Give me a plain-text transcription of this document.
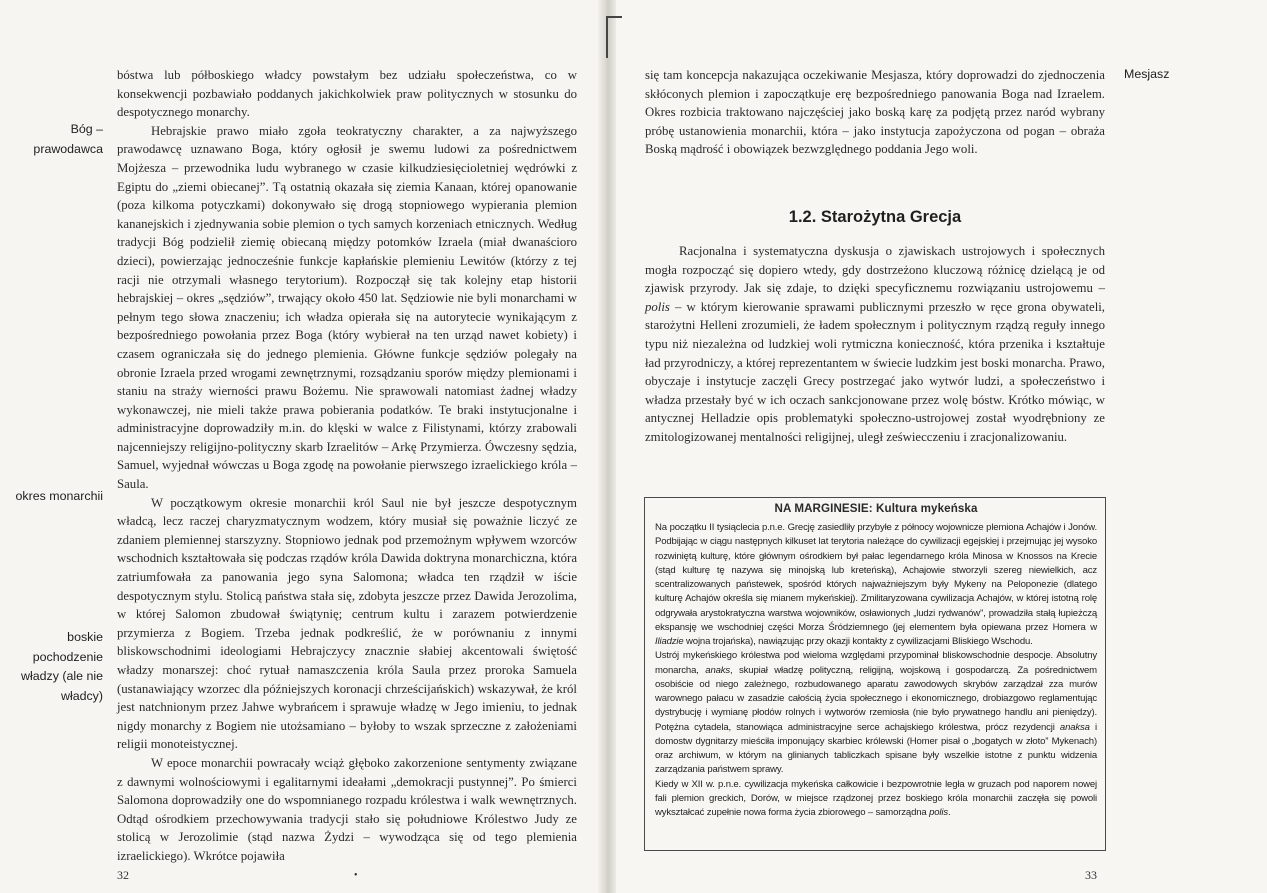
Bóg –
prawodawca
okres monarchii
boskie
pochodzenie
władzy (ale nie
władcy)

bóstwa lub półboskiego władcy powstałym bez udziału społeczeństwa, co w konsekwencji pozbawiało poddanych jakichkolwiek praw politycznych w stosunku do despotycznego monarchy.

Hebrajskie prawo miało zgoła teokratyczny charakter, a za najwyższego prawodawcę uznawano Boga, który ogłosił je swemu ludowi za pośrednictwem Mojżesza – przewodnika ludu wybranego w czasie kilkudziesięcioletniej wędrówki z Egiptu do „ziemi obiecanej”. Tą ostatnią okazała się ziemia Kanaan, której opanowanie (poza kilkoma potyczkami) dokonywało się drogą stopniowego wypierania plemion kananejskich i zjednywania sobie plemion o tych samych korzeniach etnicznych. Według tradycji Bóg podzielił ziemię obiecaną między potomków Izraela (miał dwanaścioro dzieci), powierzając jednocześnie funkcje kapłańskie plemieniu Lewitów (którzy z tej racji nie otrzymali własnego terytorium). Rozpoczął się tak kolejny etap historii hebrajskiej – okres „sędziów”, trwający około 450 lat. Sędziowie nie byli monarchami w pełnym tego słowa znaczeniu; ich władza opierała się na autorytecie wynikającym z bezpośredniego powołania przez Boga (który wybierał na ten urząd nawet kobiety) i czasem ograniczała się do jednego plemienia. Główne funkcje sędziów polegały na obronie Izraela przed wrogami zewnętrznymi, rozsądzaniu sporów między plemionami i staniu na straży wierności prawu Bożemu. Nie sprawowali natomiast żadnej władzy wykonawczej, nie mieli także prawa pobierania podatków. Te braki instytucjonalne i administracyjne doprowadziły m.in. do klęski w walce z Filistynami, którzy zrabowali najcenniejszy religijno-polityczny skarb Izraelitów – Arkę Przymierza. Ówczesny sędzia, Samuel, wyjednał wówczas u Boga zgodę na powołanie pierwszego izraelickiego króla – Saula.

W początkowym okresie monarchii król Saul nie był jeszcze despotycznym władcą, lecz raczej charyzmatycznym wodzem, który musiał się poważnie liczyć ze zdaniem plemiennej starszyzny. Stopniowo jednak pod przemożnym wpływem wzorców wschodnich kształtowała się podczas rządów króla Dawida doktryna monarchiczna, która zatriumfowała za panowania jego syna Salomona; władca ten rządził w iście despotycznym stylu. Stolicą państwa stała się, zdobyta jeszcze przez Dawida Jerozolima, w której Salomon zbudował świątynię; centrum kultu i zarazem potwierdzenie przymierza z Bogiem. Trzeba jednak podkreślić, że w porównaniu z innymi bliskowschodnimi ideologiami Hebrajczycy znacznie słabiej akcentowali świętość władzy monarszej: choć rytuał namaszczenia króla Saula przez proroka Samuela (ustanawiający wzorzec dla późniejszych koronacji chrześcijańskich) wskazywał, że król jest natchnionym przez Jahwe wybrańcem i sprawuje władzę w Jego imieniu, to jednak nigdy monarchy z Bogiem nie utożsamiano – byłoby to wszak sprzeczne z założeniami religii monoteistycznej.

W epoce monarchii powracały wciąż głęboko zakorzenione sentymenty związane z dawnymi wolnościowymi i egalitarnymi ideałami „demokracji pustynnej”. Po śmierci Salomona doprowadziły one do wspomnianego rozpadu królestwa i walk wewnętrznych. Odtąd ośrodkiem przechowywania tradycji stało się południowe Królestwo Judy ze stolicą w Jerozolimie (stąd nazwa Żydzi – wywodząca się od tego plemienia izraelickiego). Wkrótce pojawiła

32	•
Mesjasz

się tam koncepcja nakazująca oczekiwanie Mesjasza, który doprowadzi do zjednoczenia skłóconych plemion i zapoczątkuje erę bezpośredniego panowania Boga nad Izraelem. Okres rozbicia traktowano najczęściej jako boską karę za podjętą przez naród wybrany próbę ustanowienia monarchii, która – jako instytucja zapożyczona od pogan – obraża Boską mądrość i obowiązek bezwzględnego poddania Jego woli.

1.2. Starożytna Grecja

Racjonalna i systematyczna dyskusja o zjawiskach ustrojowych i społecznych mogła rozpocząć się dopiero wtedy, gdy dostrzeżono kluczową różnicę dzielącą je od zjawisk przyrody. Jak się zdaje, to dzięki specyficznemu rozwiązaniu ustrojowemu – polis – w którym kierowanie sprawami publicznymi przeszło w ręce grona obywateli, starożytni Helleni zrozumieli, że ładem społecznym i politycznym rządzą reguły innego typu niż niezależna od ludzkiej woli rytmiczna konieczność, która przenika i kształtuje ład przyrodniczy, a której reprezentantem w świecie ludzkim jest boski monarcha. Prawo, obyczaje i instytucje zaczęli Grecy postrzegać jako wytwór ludzi, a społeczeństwo i władza przestały być w ich oczach sankcjonowane przez wolę bóstw. Krótko mówiąc, w antycznej Helladzie opis problematyki społeczno-ustrojowej został wyodrębniony ze zmitologizowanej mentalności religijnej, uległ zeświecczeniu i zracjonalizowaniu.

NA MARGINESIE: Kultura mykeńska

Na początku II tysiąclecia p.n.e. Grecję zasiedliły przybyłe z północy wojownicze plemiona Achajów i Jonów. Podbijając w ciągu następnych kilkuset lat terytoria należące do cywilizacji egejskiej i przejmując jej wysoko rozwiniętą kulturę, które głównym ośrodkiem był pałac legendarnego króla Minosa w Knossos na Krecie (stąd kulturę tę nazywa się minojską lub kreteńską), Achajowie stworzyli szereg niewielkich, acz scentralizowanych państewek, spośród których najważniejszym były Mykeny na Peloponezie (dlatego kulturę Achajów określa się mianem mykeńskiej). Zmilitaryzowana cywilizacja Achajów, w której istotną rolę odgrywała arystokratyczna warstwa wojowników, osławionych „ludzi rydwanów”, prowadziła stałą łupieżczą ekspansję we wschodniej części Morza Śródziemnego (jej elementem była opiewana przez Homera w Iliadzie wojna trojańska), nawiązując przy okazji kontakty z cywilizacjami Bliskiego Wschodu.

Ustrój mykeńskiego królestwa pod wieloma względami przypominał bliskowschodnie despocje. Absolutny monarcha, anaks, skupiał władzę polityczną, religijną, wojskową i gospodarczą. Za pośrednictwem osobiście od niego zależnego, rozbudowanego aparatu zawodowych skrybów zarządzał zza murów warownego pałacu w zasadzie całością życia społecznego i ekonomicznego, drobiazgowo reglamentując dystrybucję i wymianę płodów rolnych i wytworów rzemiosła (nie było prywatnego handlu ani pieniędzy). Potężna cytadela, stanowiąca administracyjne serce achajskiego królestwa, prócz rezydencji anaksa i domostw dygnitarzy mieściła imponujący skarbiec królewski (Homer pisał o „bogatych w złoto” Mykenach) oraz archiwum, w którym na glinianych tabliczkach spisane były wszelkie istotne z punktu widzenia zarządzania państwem sprawy.

Kiedy w XII w. p.n.e. cywilizacja mykeńska całkowicie i bezpowrotnie legła w gruzach pod naporem nowej fali plemion greckich, Dorów, w miejsce rządzonej przez boskiego króla monarchii zaczęła się powoli wykształcać zupełnie nowa forma życia zbiorowego – samorządna polis.

33
